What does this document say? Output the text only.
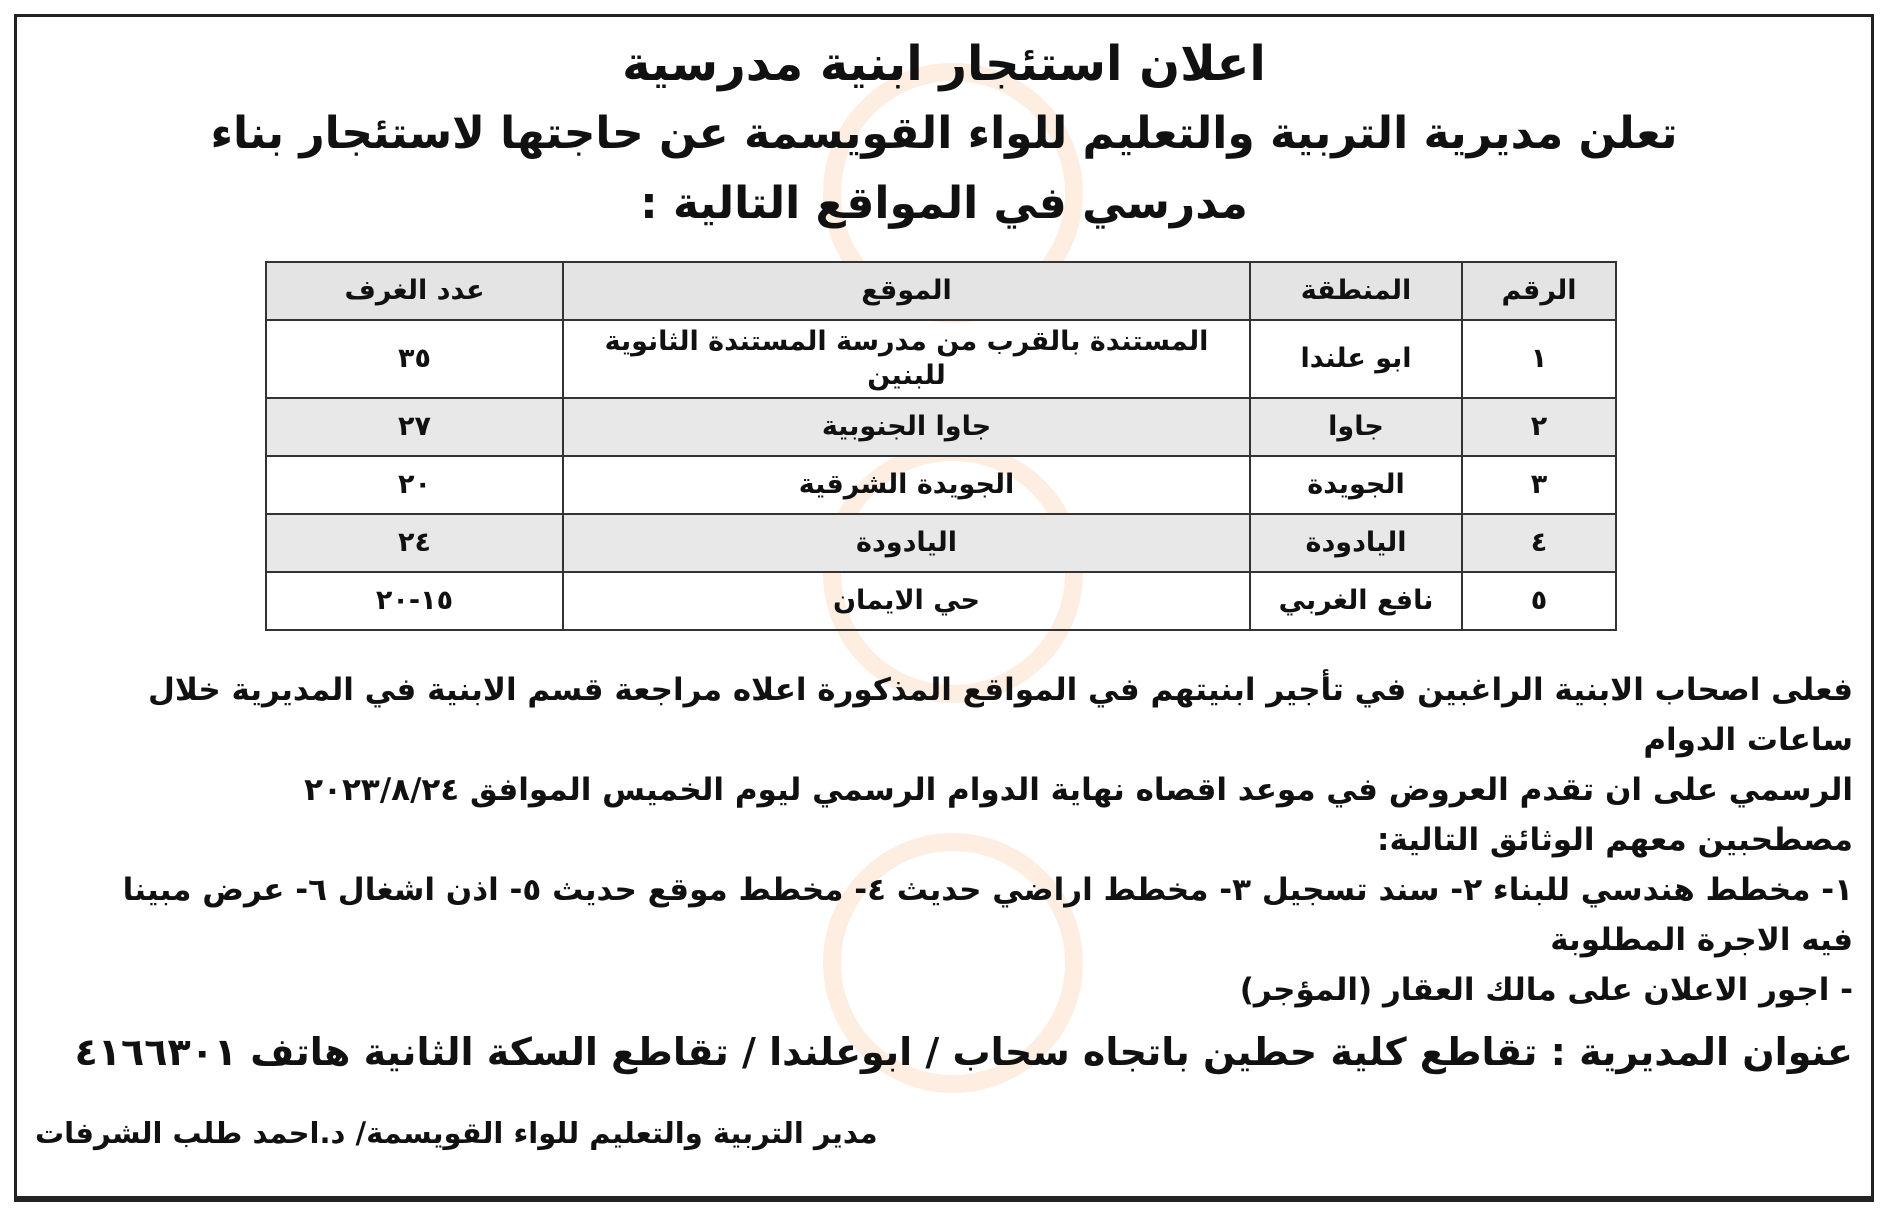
اعلان استئجار ابنية مدرسية
تعلن مديرية التربية والتعليم للواء القويسمة عن حاجتها لاستئجار بناء
مدرسي في المواقع التالية :
الرقم	المنطقة	الموقع	عدد الغرف
١	ابو علندا	المستندة بالقرب من مدرسة المستندة الثانوية للبنين	٣٥
٢	جاوا	جاوا الجنوبية	٢٧
٣	الجويدة	الجويدة الشرقية	٢٠
٤	اليادودة	اليادودة	٢٤
٥	نافع الغربي	حي الايمان	١٥-٢٠
فعلى اصحاب الابنية الراغبين في تأجير ابنيتهم في المواقع المذكورة اعلاه مراجعة قسم الابنية في المديرية خلال ساعات الدوام
الرسمي على ان تقدم العروض في موعد اقصاه نهاية الدوام الرسمي ليوم الخميس الموافق ٢٠٢٣/٨/٢٤
مصطحبين معهم الوثائق التالية:
١- مخطط هندسي للبناء ٢- سند تسجيل ٣- مخطط اراضي حديث ٤- مخطط موقع حديث ٥- اذن اشغال ٦- عرض مبينا
فيه الاجرة المطلوبة
- اجور الاعلان على مالك العقار (المؤجر)
عنوان المديرية : تقاطع كلية حطين باتجاه سحاب / ابوعلندا / تقاطع السكة الثانية هاتف ٤١٦٦٣٠١
مدير التربية والتعليم للواء القويسمة/ د.احمد طلب الشرفات
